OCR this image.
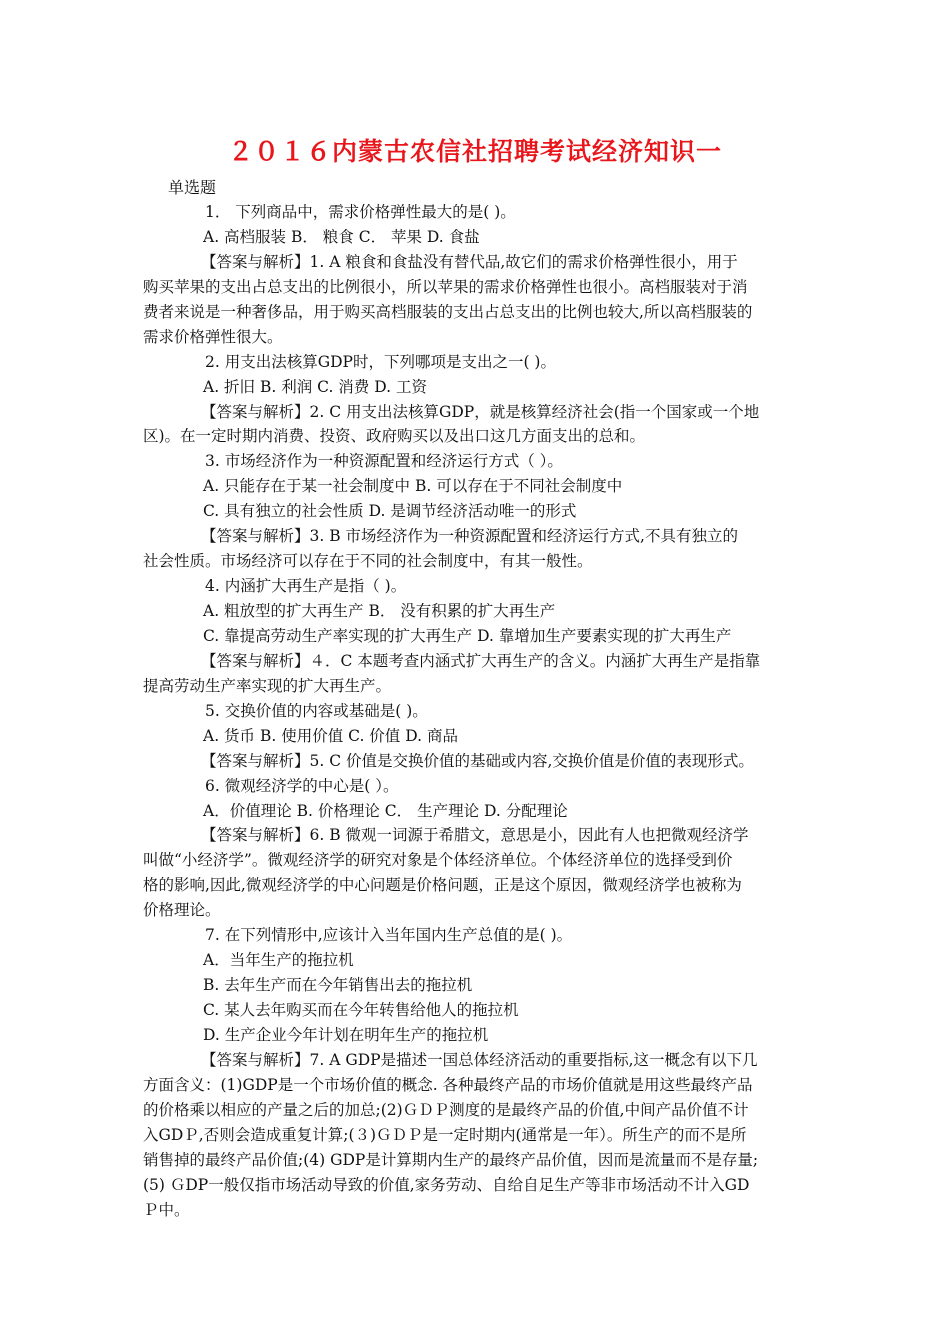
２０１６内蒙古农信社招聘考试经济知识一
单选题
1． 下列商品中，需求价格弹性最大的是( )。
A. 高档服装 B． 粮食 C． 苹果 D. 食盐
【答案与解析】1. A 粮食和食盐没有替代品,故它们的需求价格弹性很小，用于
购买苹果的支出占总支出的比例很小，所以苹果的需求价格弹性也很小。高档服装对于消
费者来说是一种奢侈品，用于购买高档服装的支出占总支出的比例也较大,所以高档服装的
需求价格弹性很大。
2. 用支出法核算GDP时，下列哪项是支出之一( )。
A. 折旧 B. 利润 C. 消费 D. 工资
【答案与解析】2. C 用支出法核算GDP，就是核算经济社会(指一个国家或一个地
区)。在一定时期内消费、投资、政府购买以及出口这几方面支出的总和。
3. 市场经济作为一种资源配置和经济运行方式（ ）。
A. 只能存在于某一社会制度中 B. 可以存在于不同社会制度中
C. 具有独立的社会性质 D. 是调节经济活动唯一的形式
【答案与解析】3. B 市场经济作为一种资源配置和经济运行方式,不具有独立的
社会性质。市场经济可以存在于不同的社会制度中，有其一般性。
4. 内涵扩大再生产是指（ )。
A. 粗放型的扩大再生产 B． 没有积累的扩大再生产
C. 靠提高劳动生产率实现的扩大再生产 D. 靠增加生产要素实现的扩大再生产
【答案与解析】４．C 本题考查内涵式扩大再生产的含义。内涵扩大再生产是指靠
提高劳动生产率实现的扩大再生产。
5. 交换价值的内容或基础是( )。
A. 货币 B. 使用价值 C. 价值 D. 商品
【答案与解析】5. C 价值是交换价值的基础或内容,交换价值是价值的表现形式。
6. 微观经济学的中心是( ）。
A．价值理论 B. 价格理论 C． 生产理论 D. 分配理论
【答案与解析】6. B 微观一词源于希腊文，意思是小，因此有人也把微观经济学
叫做“小经济学”。微观经济学的研究对象是个体经济单位。个体经济单位的选择受到价
格的影响,因此,微观经济学的中心问题是价格问题，正是这个原因，微观经济学也被称为
价格理论。
7. 在下列情形中,应该计入当年国内生产总值的是( )。
A．当年生产的拖拉机
B. 去年生产而在今年销售出去的拖拉机
C. 某人去年购买而在今年转售给他人的拖拉机
D. 生产企业今年计划在明年生产的拖拉机
【答案与解析】7. A GDP是描述一国总体经济活动的重要指标,这一概念有以下几
方面含义：(1)GDP是一个市场价值的概念. 各种最终产品的市场价值就是用这些最终产品
的价格乘以相应的产量之后的加总;(2)ＧＤＰ测度的是最终产品的价值,中间产品价值不计
入GDＰ,否则会造成重复计算;(３)ＧＤＰ是一定时期内(通常是一年）。所生产的而不是所
销售掉的最终产品价值;(4) GDP是计算期内生产的最终产品价值，因而是流量而不是存量;
(5) ＧDP一般仅指市场活动导致的价值,家务劳动、自给自足生产等非市场活动不计入GD
Ｐ中。
